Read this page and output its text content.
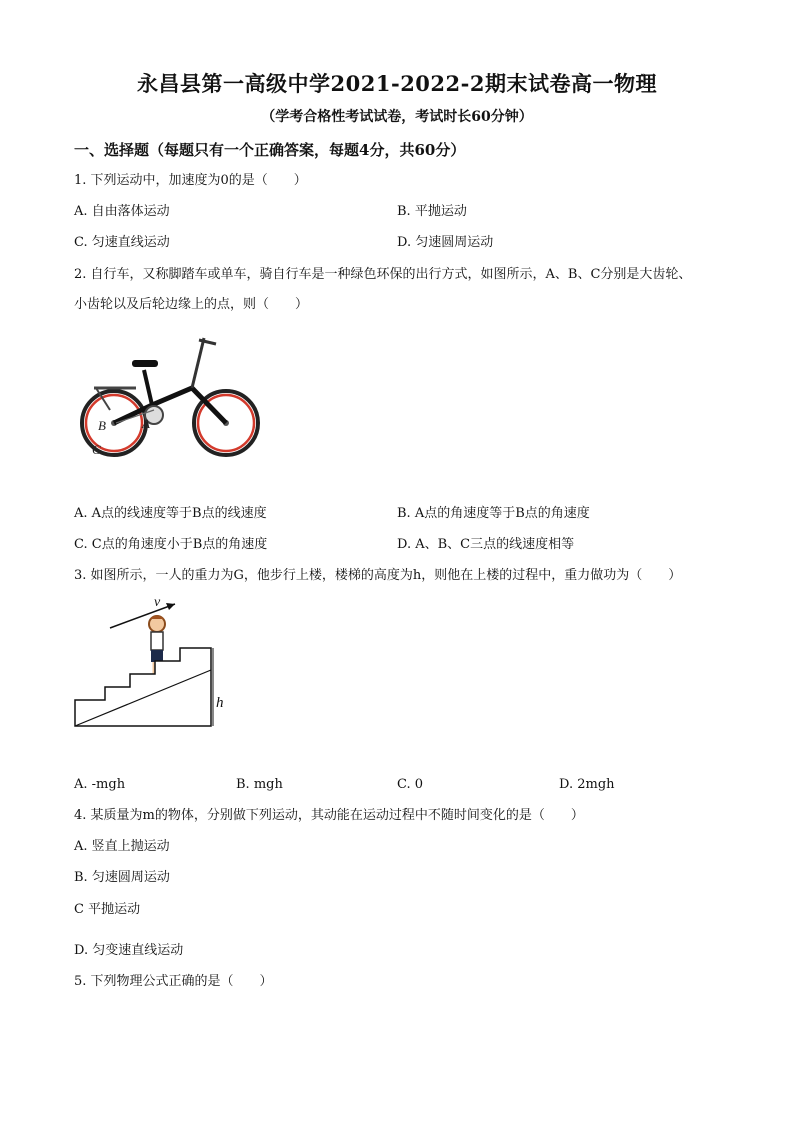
永昌县第一高级中学2021-2022-2期末试卷高一物理
（学考合格性考试试卷，考试时长60分钟）
一、选择题（每题只有一个正确答案，每题4分，共60分）
1. 下列运动中，加速度为0的是（　　）
A. 自由落体运动	B. 平抛运动
C. 匀速直线运动	D. 匀速圆周运动
2. 自行车，又称脚踏车或单车，骑自行车是一种绿色环保的出行方式，如图所示，A、B、C分别是大齿轮、
小齿轮以及后轮边缘上的点，则（　　）
A
B
C
A. A点的线速度等于B点的线速度	B. A点的角速度等于B点的角速度
C. C点的角速度小于B点的角速度	D. A、B、C三点的线速度相等
3. 如图所示，一人的重力为G，他步行上楼，楼梯的高度为h，则他在上楼的过程中，重力做功为（　　）
v
h
A. -mgh	B. mgh	C. 0	D. 2mgh
4. 某质量为m的物体，分别做下列运动，其动能在运动过程中不随时间变化的是（　　）
A. 竖直上抛运动
B. 匀速圆周运动
C 平抛运动
D. 匀变速直线运动
5. 下列物理公式正确的是（　　）
